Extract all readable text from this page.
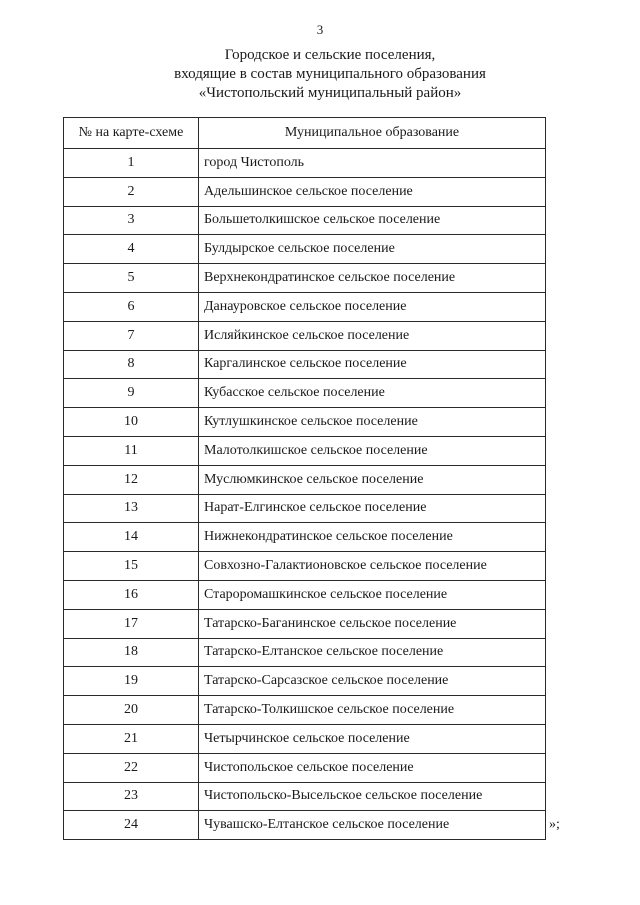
3
Городское и сельские поселения,
входящие в состав муниципального образования
«Чистопольский муниципальный район»
№ на карте-схеме	Муниципальное образование
1	город Чистополь
2	Адельшинское сельское поселение
3	Большетолкишское сельское поселение
4	Булдырское сельское поселение
5	Верхнекондратинское сельское поселение
6	Данауровское сельское поселение
7	Исляйкинское сельское поселение
8	Каргалинское сельское поселение
9	Кубасское сельское поселение
10	Кутлушкинское сельское поселение
11	Малотолкишское сельское поселение
12	Муслюмкинское сельское поселение
13	Нарат-Елгинское сельское поселение
14	Нижнекондратинское сельское поселение
15	Совхозно-Галактионовское сельское поселение
16	Староромашкинское сельское поселение
17	Татарско-Баганинское сельское поселение
18	Татарско-Елтанское сельское поселение
19	Татарско-Сарсазское сельское поселение
20	Татарско-Толкишское сельское поселение
21	Четырчинское сельское поселение
22	Чистопольское сельское поселение
23	Чистопольско-Высельское сельское поселение
24	Чувашско-Елтанское сельское поселение	»;
